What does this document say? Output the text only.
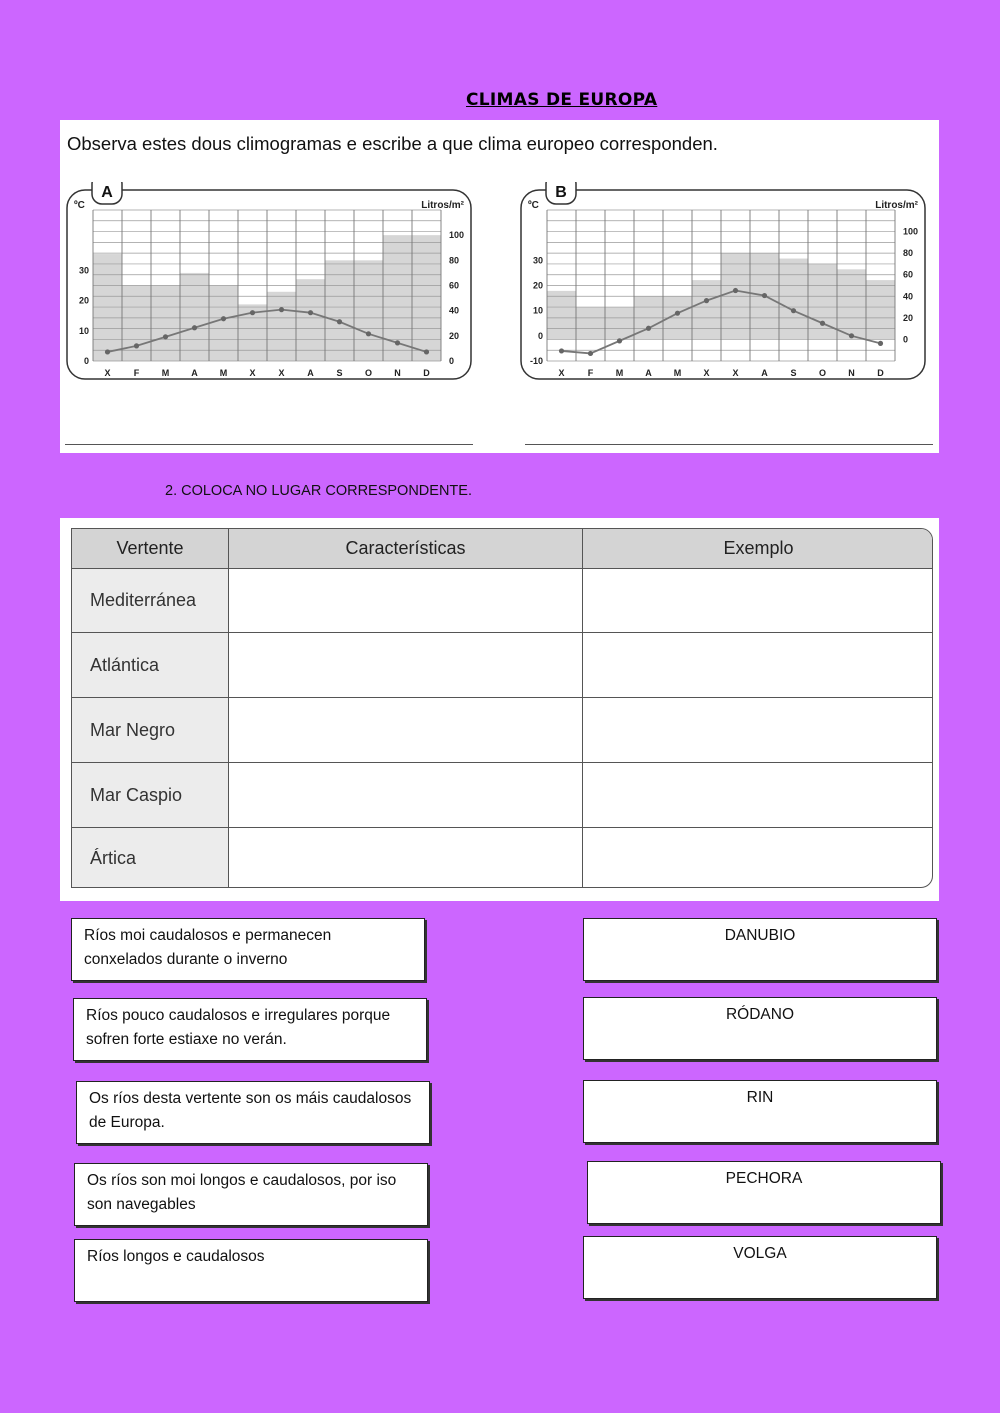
CLIMAS DE EUROPA
Observa estes dous climogramas e escribe a que clima europeo corresponden.
A
ºC	Litros/m²
0
10
20
30
0
20
40
60
80
100
X	F	M A M X	X	A	S O N	D
B
ºC	Litros/m²
-10
0
10
20
30
0
20
40
60
80
100
X	F	M A M X	X	A	S O N	D
2. COLOCA NO LUGAR CORRESPONDENTE.
Vertente	Características	Exemplo
Mediterránea
Atlántica
Mar Negro
Mar Caspio
Ártica
Ríos moi caudalosos e permanecen conxelados durante o inverno
Ríos pouco caudalosos e irregulares porque sofren forte estiaxe no verán.
Os ríos desta vertente son os máis caudalosos de Europa.
Os ríos son moi longos e caudalosos, por iso son navegables
Ríos longos e caudalosos
DANUBIO
RÓDANO
RIN
PECHORA
VOLGA
